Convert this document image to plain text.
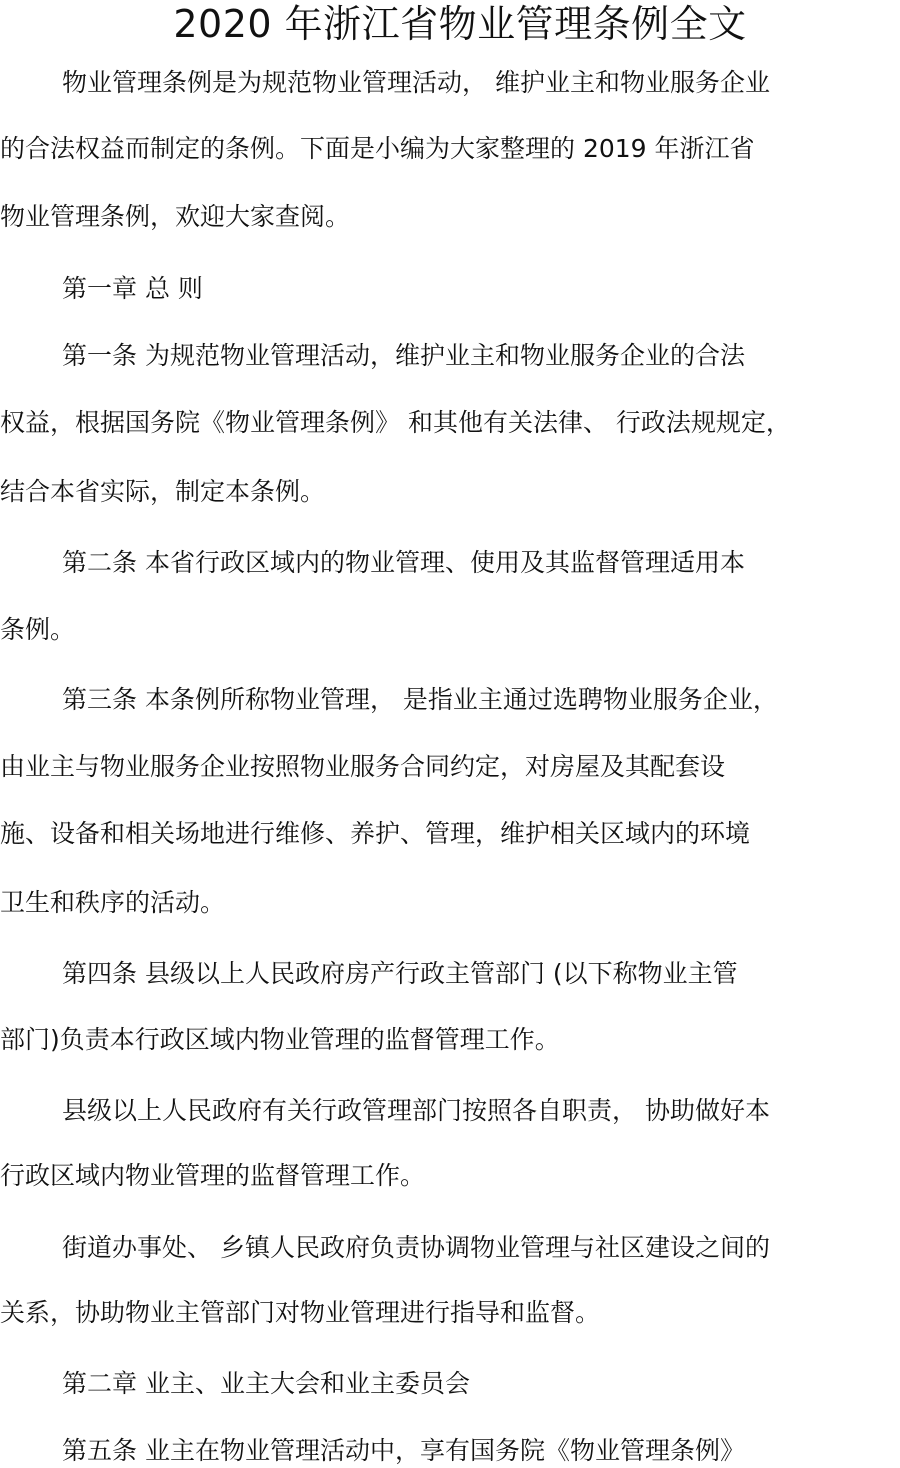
2020 年浙江省物业管理条例全文

物业管理条例是为规范物业管理活动， 维护业主和物业服务企业

的合法权益而制定的条例。下面是小编为大家整理的 2019 年浙江省

物业管理条例，欢迎大家查阅。

第一章 总 则

第一条 为规范物业管理活动，维护业主和物业服务企业的合法

权益，根据国务院《物业管理条例》 和其他有关法律、 行政法规规定，

结合本省实际，制定本条例。

第二条 本省行政区域内的物业管理、使用及其监督管理适用本

条例。

第三条 本条例所称物业管理， 是指业主通过选聘物业服务企业，

由业主与物业服务企业按照物业服务合同约定，对房屋及其配套设

施、设备和相关场地进行维修、养护、管理，维护相关区域内的环境

卫生和秩序的活动。

第四条 县级以上人民政府房产行政主管部门 (以下称物业主管

部门)负责本行政区域内物业管理的监督管理工作。

县级以上人民政府有关行政管理部门按照各自职责， 协助做好本

行政区域内物业管理的监督管理工作。

街道办事处、 乡镇人民政府负责协调物业管理与社区建设之间的

关系，协助物业主管部门对物业管理进行指导和监督。

第二章 业主、业主大会和业主委员会

第五条 业主在物业管理活动中，享有国务院《物业管理条例》
